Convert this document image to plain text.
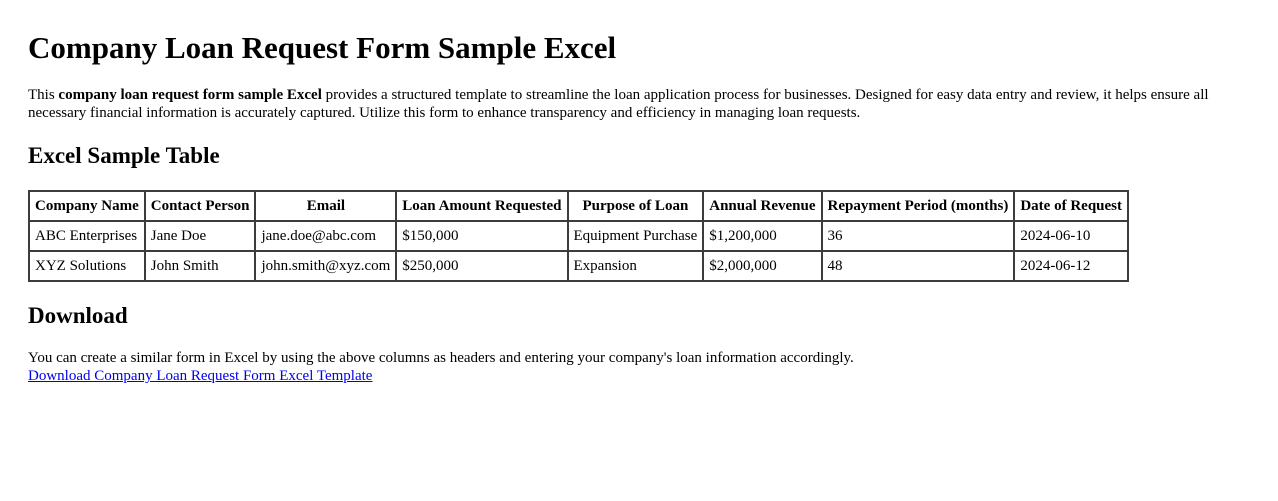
Company Loan Request Form Sample Excel

This company loan request form sample Excel provides a structured template to streamline the loan application process for businesses. Designed for easy data entry and review, it helps ensure all necessary financial information is accurately captured. Utilize this form to enhance transparency and efficiency in managing loan requests.

Excel Sample Table
Company Name	Contact Person	Email	Loan Amount Requested	Purpose of Loan	Annual Revenue	Repayment Period (months)	Date of Request
ABC Enterprises	Jane Doe	jane.doe@abc.com	$150,000	Equipment Purchase	$1,200,000	36	2024-06-10
XYZ Solutions	John Smith	john.smith@xyz.com	$250,000	Expansion	$2,000,000	48	2024-06-12
Download

You can create a similar form in Excel by using the above columns as headers and entering your company's loan information accordingly.
Download Company Loan Request Form Excel Template
